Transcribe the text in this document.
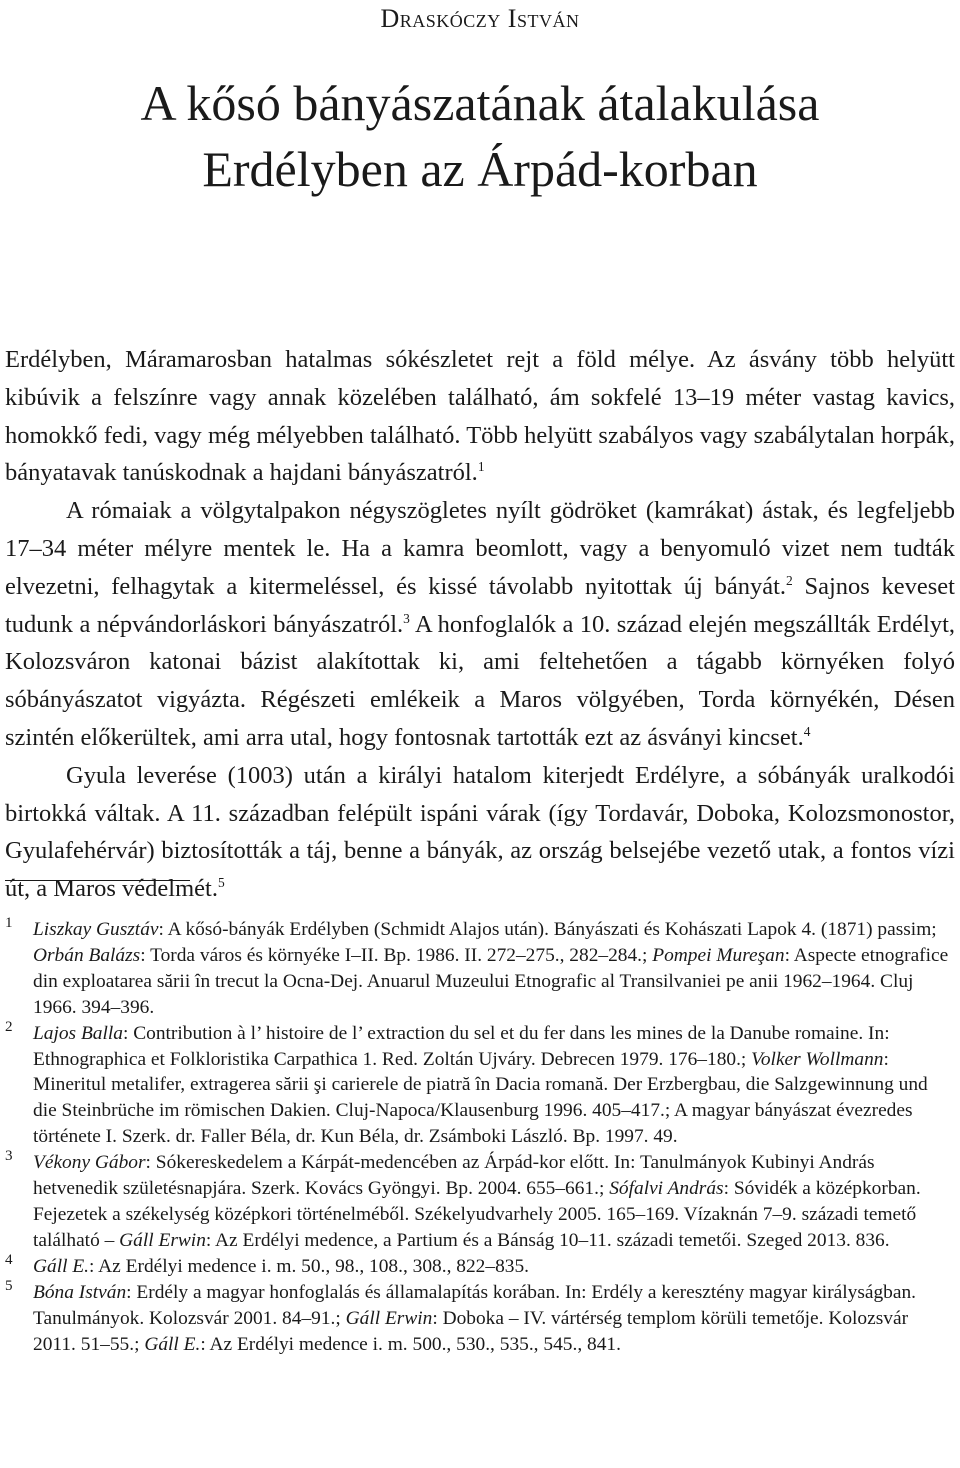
Draskóczy István
A kősó bányászatának átalakulása
Erdélyben az Árpád-korban

Erdélyben, Máramarosban hatalmas sókészletet rejt a föld mélye. Az ásvány több helyütt kibúvik a felszínre vagy annak közelében található, ám sokfelé 13–19 méter vastag kavics, homokkő fedi, vagy még mélyebben található. Több helyütt szabályos vagy szabálytalan horpák, bányatavak tanúskodnak a hajdani bányászatról.$^1$

A rómaiak a völgytalpakon négyszögletes nyílt gödröket (kamrákat) ástak, és legfeljebb 17–34 méter mélyre mentek le. Ha a kamra beomlott, vagy a benyomuló vizet nem tudták elvezetni, felhagytak a kitermeléssel, és kissé távolabb nyitottak új bányát.$^2$ Sajnos keveset tudunk a népvándorláskori bányászatról.$^3$ A honfoglalók a 10. század elején megszállták Erdélyt, Kolozsváron katonai bázist alakítottak ki, ami feltehetően a tágabb környéken folyó sóbányászatot vigyázta. Régészeti emlékeik a Maros völgyében, Torda környékén, Désen szintén előkerültek, ami arra utal, hogy fontosnak tartották ezt az ásványi kincset.$^4$

Gyula leverése (1003) után a királyi hatalom kiterjedt Erdélyre, a sóbányák uralkodói birtokká váltak. A 11. században felépült ispáni várak (így Tordavár, Doboka, Kolozsmonostor, Gyulafehérvár) biztosították a táj, benne a bányák, az ország belsejébe vezető utak, a fontos vízi út, a Maros védelmét.$^5$

1 Liszkay Gusztáv: A kősó-bányák Erdélyben (Schmidt Alajos után). Bányászati és Kohászati Lapok 4. (1871) passim; Orbán Balázs: Torda város és környéke I–II. Bp. 1986. II. 272–275., 282–284.; Pompei Mureşan: Aspecte etnografice din exploatarea sării în trecut la Ocna-Dej. Anuarul Muzeului Etnografic al Transilvaniei pe anii 1962–1964. Cluj 1966. 394–396.

2 Lajos Balla: Contribution à l’ histoire de l’ extraction du sel et du fer dans les mines de la Danube romaine. In: Ethnographica et Folkloristika Carpathica 1. Red. Zoltán Ujváry. Debrecen 1979. 176–180.; Volker Wollmann: Mineritul metalifer, extragerea sării şi carierele de piatră în Dacia romană. Der Erzbergbau, die Salzgewinnung und die Steinbrüche im römischen Dakien. Cluj-Napoca/Klausenburg 1996. 405–417.; A magyar bányászat évezredes története I. Szerk. dr. Faller Béla, dr. Kun Béla, dr. Zsámboki László. Bp. 1997. 49.

3 Vékony Gábor: Sókereskedelem a Kárpát-medencében az Árpád-kor előtt. In: Tanulmányok Kubinyi András hetvenedik születésnapjára. Szerk. Kovács Gyöngyi. Bp. 2004. 655–661.; Sófalvi András: Sóvidék a középkorban. Fejezetek a székelység középkori történelméből. Székelyudvarhely 2005. 165–169. Vízaknán 7–9. századi temető található – Gáll Erwin: Az Erdélyi medence, a Partium és a Bánság 10–11. századi temetői. Szeged 2013. 836.

4 Gáll E.: Az Erdélyi medence i. m. 50., 98., 108., 308., 822–835.

5 Bóna István: Erdély a magyar honfoglalás és államalapítás korában. In: Erdély a keresztény magyar királyságban. Tanulmányok. Kolozsvár 2001. 84–91.; Gáll Erwin: Doboka – IV. vártérség templom körüli temetője. Kolozsvár 2011. 51–55.; Gáll E.: Az Erdélyi medence i. m. 500., 530., 535., 545., 841.
